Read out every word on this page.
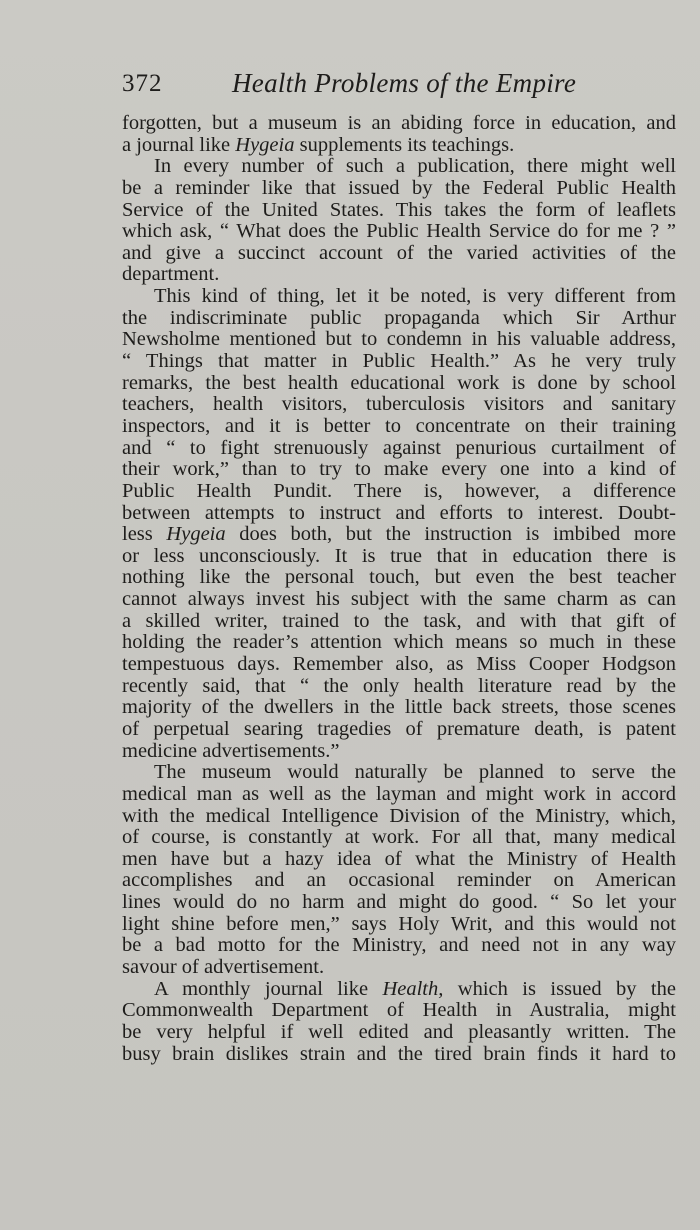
372	Health Problems of the Empire
forgotten, but a museum is an abiding force in education, and
a journal like Hygeia supplements its teachings.
In every number of such a publication, there might well
be a reminder like that issued by the Federal Public Health
Service of the United States. This takes the form of leaflets
which ask, “ What does the Public Health Service do for me ? ”
and give a succinct account of the varied activities of the
department.
This kind of thing, let it be noted, is very different from
the indiscriminate public propaganda which Sir Arthur
Newsholme mentioned but to condemn in his valuable address,
“ Things that matter in Public Health.” As he very truly
remarks, the best health educational work is done by school
teachers, health visitors, tuberculosis visitors and sanitary
inspectors, and it is better to concentrate on their training
and “ to fight strenuously against penurious curtailment of
their work,” than to try to make every one into a kind of
Public Health Pundit. There is, however, a difference
between attempts to instruct and efforts to interest. Doubt-
less Hygeia does both, but the instruction is imbibed more
or less unconsciously. It is true that in education there is
nothing like the personal touch, but even the best teacher
cannot always invest his subject with the same charm as can
a skilled writer, trained to the task, and with that gift of
holding the reader’s attention which means so much in these
tempestuous days. Remember also, as Miss Cooper Hodgson
recently said, that “ the only health literature read by the
majority of the dwellers in the little back streets, those scenes
of perpetual searing tragedies of premature death, is patent
medicine advertisements.”
The museum would naturally be planned to serve the
medical man as well as the layman and might work in accord
with the medical Intelligence Division of the Ministry, which,
of course, is constantly at work. For all that, many medical
men have but a hazy idea of what the Ministry of Health
accomplishes and an occasional reminder on American
lines would do no harm and might do good. “ So let your
light shine before men,” says Holy Writ, and this would not
be a bad motto for the Ministry, and need not in any way
savour of advertisement.
A monthly journal like Health, which is issued by the
Commonwealth Department of Health in Australia, might
be very helpful if well edited and pleasantly written. The
busy brain dislikes strain and the tired brain finds it hard to
